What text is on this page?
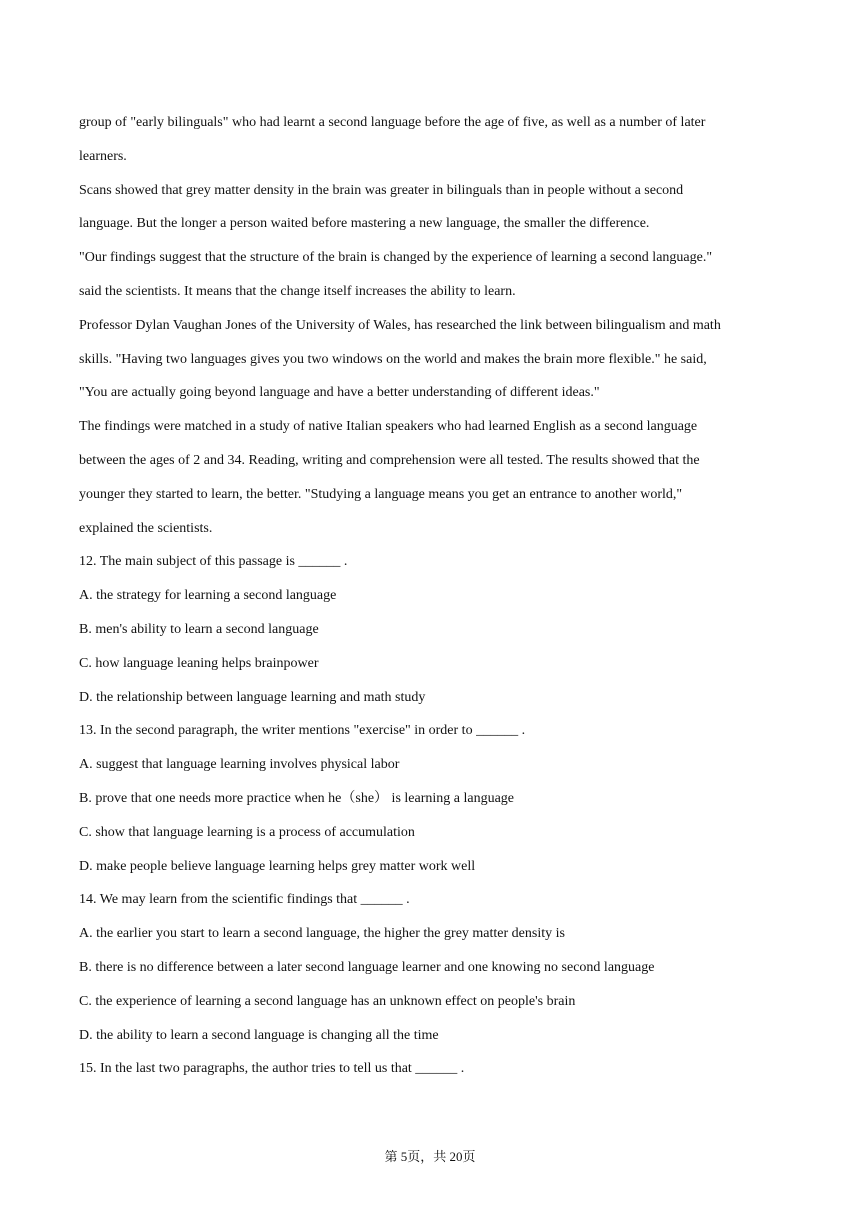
group of "early bilinguals" who had learnt a second language before the age of five, as well as a number of later

learners.

Scans showed that grey matter density in the brain was greater in bilinguals than in people without a second

language. But the longer a person waited before mastering a new language, the smaller the difference.

"Our findings suggest that the structure of the brain is changed by the experience of learning a second language."

said the scientists. It means that the change itself increases the ability to learn.

Professor Dylan Vaughan Jones of the University of Wales, has researched the link between bilingualism and math

skills. "Having two languages gives you two windows on the world and makes the brain more flexible." he said,

"You are actually going beyond language and have a better understanding of different ideas."

The findings were matched in a study of native Italian speakers who had learned English as a second language

between the ages of 2 and 34. Reading, writing and comprehension were all tested. The results showed that the

younger they started to learn, the better. "Studying a language means you get an entrance to another world,"

explained the scientists.

12. The main subject of this passage is ______ .

A. the strategy for learning a second language

B. men's ability to learn a second language

C. how language leaning helps brainpower

D. the relationship between language learning and math study

13. In the second paragraph, the writer mentions "exercise" in order to ______ .

A. suggest that language learning involves physical labor

B. prove that one needs more practice when he（she） is learning a language

C. show that language learning is a process of accumulation

D. make people believe language learning helps grey matter work well

14. We may learn from the scientific findings that ______ .

A. the earlier you start to learn a second language, the higher the grey matter density is

B. there is no difference between a later second language learner and one knowing no second language

C. the experience of learning a second language has an unknown effect on people's brain

D. the ability to learn a second language is changing all the time

15. In the last two paragraphs, the author tries to tell us that ______ .

第 5页，共 20页
